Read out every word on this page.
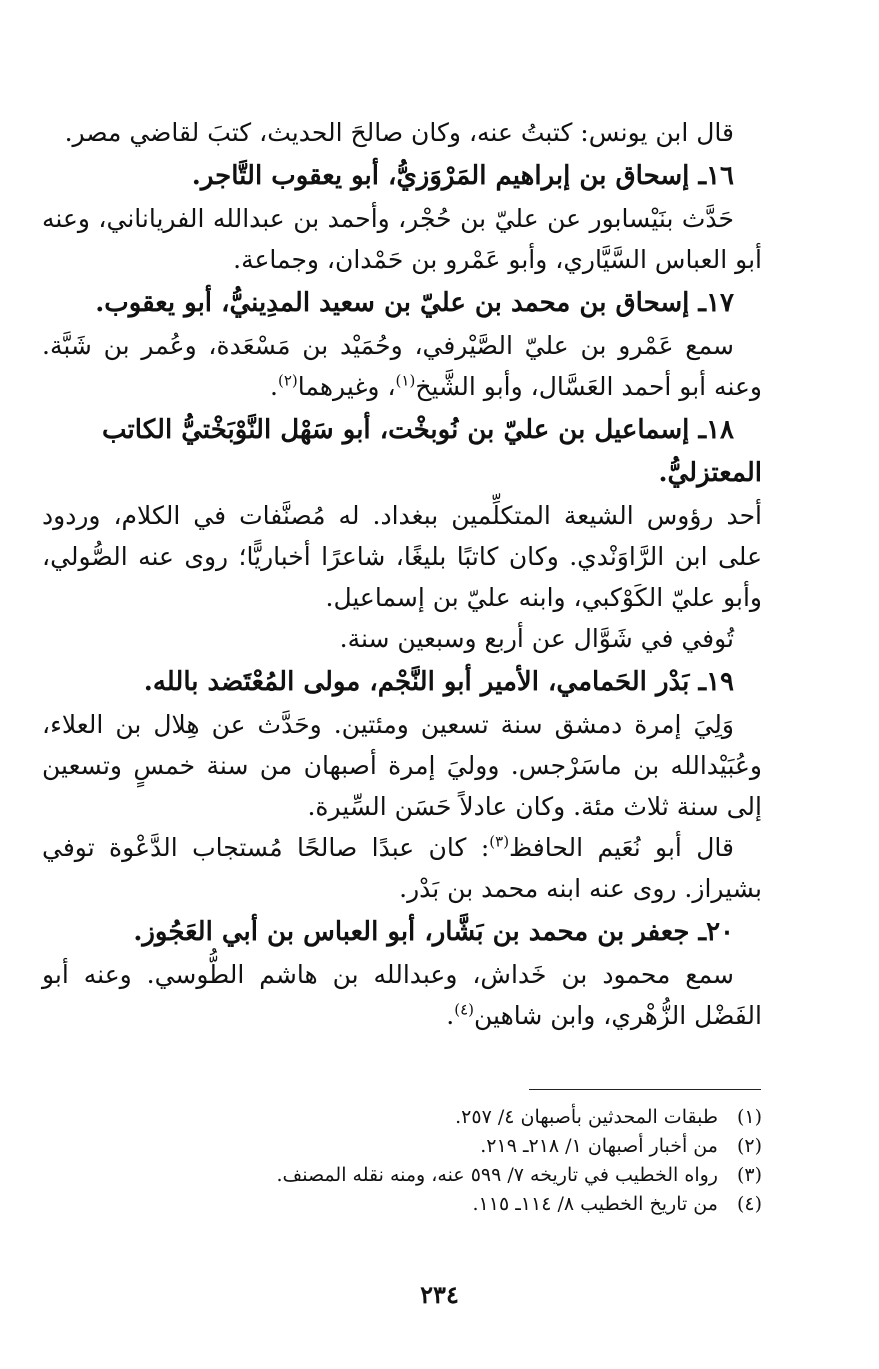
قال ابن يونس: كتبتُ عنه، وكان صالحَ الحديث، كتبَ لقاضي مصر.

١٦ـ إسحاق بن إبراهيم المَرْوَزيُّ، أبو يعقوب التَّاجر.

حَدَّث بنَيْسابور عن عليّ بن حُجْر، وأحمد بن عبدالله الفرياناني، وعنه أبو العباس السَّيَّاري، وأبو عَمْرو بن حَمْدان، وجماعة.

١٧ـ إسحاق بن محمد بن عليّ بن سعيد المدِينيُّ، أبو يعقوب.

سمع عَمْرو بن عليّ الصَّيْرفي، وحُمَيْد بن مَسْعَدة، وعُمر بن شَبَّة. وعنه أبو أحمد العَسَّال، وأبو الشَّيخ$^{(١)}$، وغيرهما$^{(٢)}$.

١٨ـ إسماعيل بن عليّ بن نُوبخْت، أبو سَهْل النَّوْبَخْتيُّ الكاتب المعتزليُّ.

أحد رؤوس الشيعة المتكلِّمين ببغداد. له مُصنَّفات في الكلام، وردود على ابن الرَّاوَنْدي. وكان كاتبًا بليغًا، شاعرًا أخباريًّا؛ روى عنه الصُّولي، وأبو عليّ الكَوْكبي، وابنه عليّ بن إسماعيل.

تُوفي في شَوَّال عن أربع وسبعين سنة.

١٩ـ بَدْر الحَمامي، الأمير أبو النَّجْم، مولى المُعْتَضد بالله.

وَلِيَ إمرة دمشق سنة تسعين ومئتين. وحَدَّث عن هِلال بن العلاء، وعُبَيْدالله بن ماسَرْجس. ووليَ إمرة أصبهان من سنة خمسٍ وتسعين إلى سنة ثلاث مئة. وكان عادلاً حَسَن السِّيرة.

قال أبو نُعَيم الحافظ$^{(٣)}$: كان عبدًا صالحًا مُستجاب الدَّعْوة توفي بشيراز. روى عنه ابنه محمد بن بَدْر.

٢٠ـ جعفر بن محمد بن بَشَّار، أبو العباس بن أبي العَجُوز.

سمع محمود بن خَداش، وعبدالله بن هاشم الطُّوسي. وعنه أبو الفَضْل الزُّهْري، وابن شاهين$^{(٤)}$.

(١) طبقات المحدثين بأصبهان ٤/ ٢٥٧.

(٢) من أخبار أصبهان ١/ ٢١٨ـ ٢١٩.

(٣) رواه الخطيب في تاريخه ٧/ ٥٩٩ عنه، ومنه نقله المصنف.

(٤) من تاريخ الخطيب ٨/ ١١٤ـ ١١٥.

٢٣٤
